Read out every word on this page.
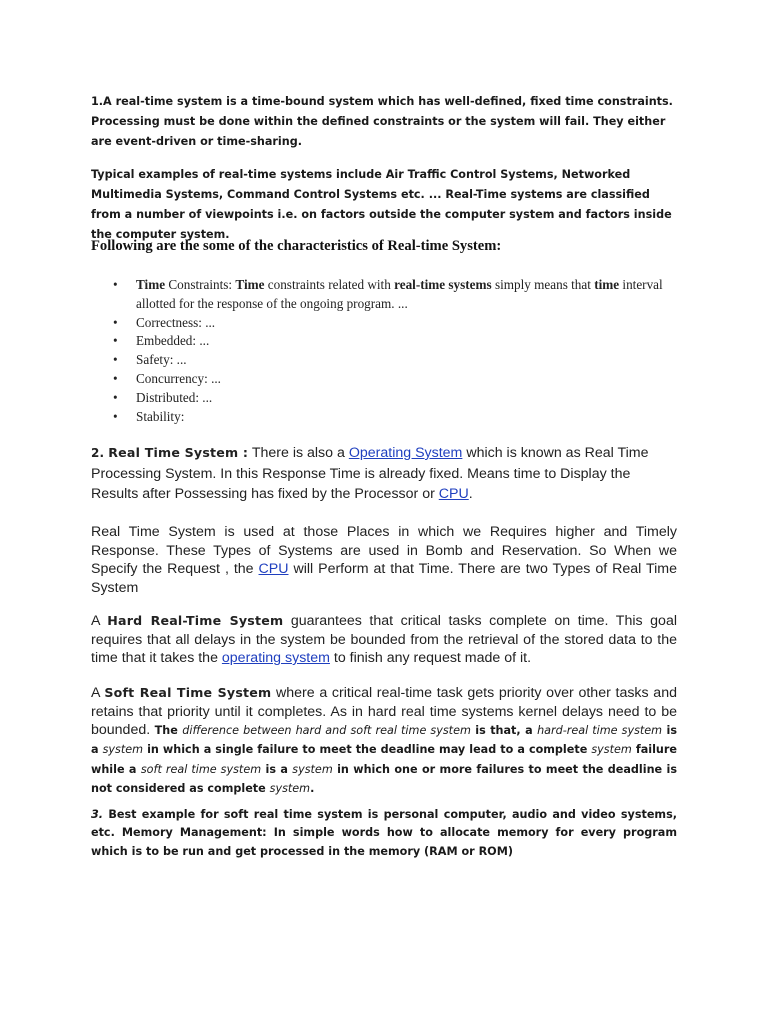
1.A real-time system is a time-bound system which has well-defined, fixed time constraints. Processing must be done within the defined constraints or the system will fail. They either are event-driven or time-sharing.

Typical examples of real-time systems include Air Traffic Control Systems, Networked Multimedia Systems, Command Control Systems etc. ... Real-Time systems are classified from a number of viewpoints i.e. on factors outside the computer system and factors inside the computer system.

Following are the some of the characteristics of Real-time System:

• Time Constraints: Time constraints related with real-time systems simply means that time interval allotted for the response of the ongoing program. ...
• Correctness: ...
• Embedded: ...
• Safety: ...
• Concurrency: ...
• Distributed: ...
• Stability:

2. Real Time System : There is also a Operating System which is known as Real Time Processing System. In this Response Time is already fixed. Means time to Display the Results after Possessing has fixed by the Processor or CPU.

Real Time System is used at those Places in which we Requires higher and Timely Response. These Types of Systems are used in Bomb and Reservation. So When we Specify the Request , the CPU will Perform at that Time. There are two Types of Real Time System

A Hard Real-Time System guarantees that critical tasks complete on time. This goal requires that all delays in the system be bounded from the retrieval of the stored data to the time that it takes the operating system to finish any request made of it.

A Soft Real Time System where a critical real-time task gets priority over other tasks and retains that priority until it completes. As in hard real time systems kernel delays need to be bounded. The difference between hard and soft real time system is that, a hard-real time system is a system in which a single failure to meet the deadline may lead to a complete system failure while a soft real time system is a system in which one or more failures to meet the deadline is not considered as complete system.

3. Best example for soft real time system is personal computer, audio and video systems, etc. Memory Management: In simple words how to allocate memory for every program which is to be run and get processed in the memory (RAM or ROM)
